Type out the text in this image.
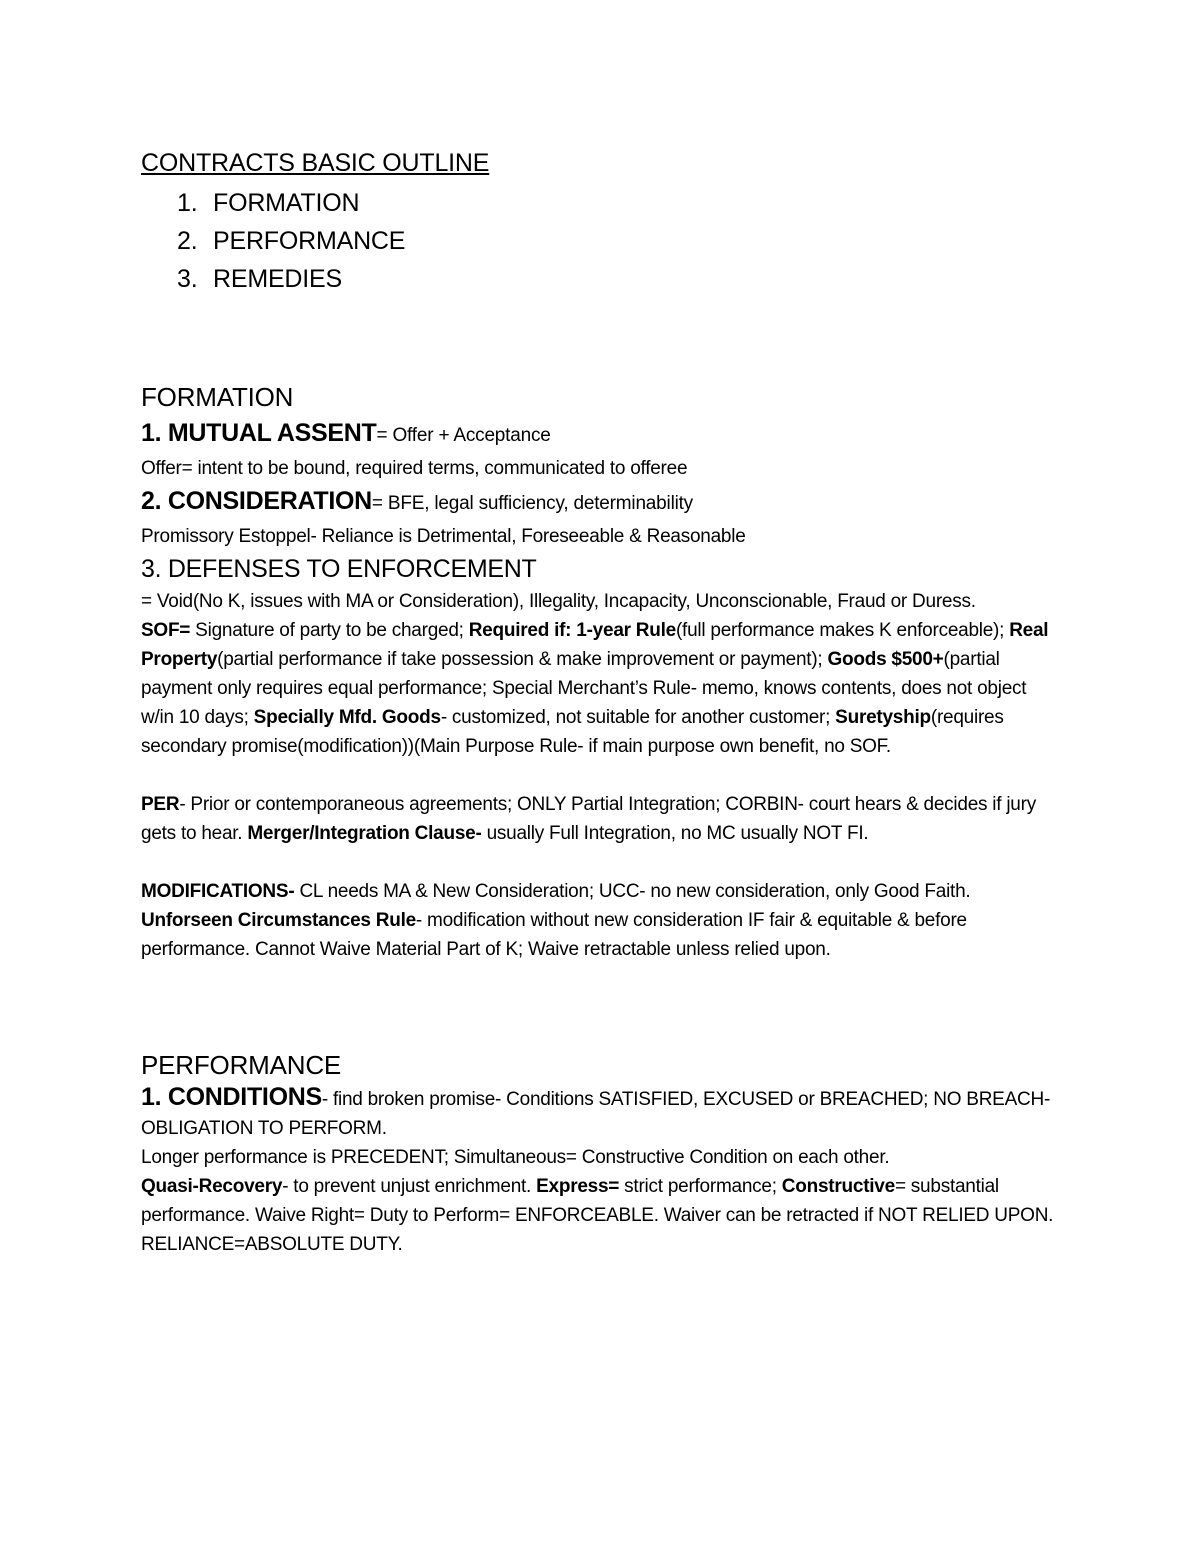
CONTRACTS BASIC OUTLINE
1. FORMATION
2. PERFORMANCE
3. REMEDIES
FORMATION
1. MUTUAL ASSENT= Offer + Acceptance
Offer= intent to be bound, required terms, communicated to offeree
2. CONSIDERATION= BFE, legal sufficiency, determinability
Promissory Estoppel- Reliance is Detrimental, Foreseeable & Reasonable
3. DEFENSES TO ENFORCEMENT
= Void(No K, issues with MA or Consideration), Illegality, Incapacity, Unconscionable, Fraud or Duress.
SOF= Signature of party to be charged; Required if: 1-year Rule(full performance makes K enforceable); Real Property(partial performance if take possession & make improvement or payment); Goods $500+(partial payment only requires equal performance; Special Merchant’s Rule- memo, knows contents, does not object w/in 10 days; Specially Mfd. Goods- customized, not suitable for another customer; Suretyship(requires secondary promise(modification))(Main Purpose Rule- if main purpose own benefit, no SOF.
PER- Prior or contemporaneous agreements; ONLY Partial Integration; CORBIN- court hears & decides if jury gets to hear. Merger/Integration Clause- usually Full Integration, no MC usually NOT FI.
MODIFICATIONS- CL needs MA & New Consideration; UCC- no new consideration, only Good Faith. Unforseen Circumstances Rule- modification without new consideration IF fair & equitable & before performance. Cannot Waive Material Part of K; Waive retractable unless relied upon.
PERFORMANCE
1. CONDITIONS- find broken promise- Conditions SATISFIED, EXCUSED or BREACHED; NO BREACH- OBLIGATION TO PERFORM.
Longer performance is PRECEDENT; Simultaneous= Constructive Condition on each other.
Quasi-Recovery- to prevent unjust enrichment. Express= strict performance; Constructive= substantial performance. Waive Right= Duty to Perform= ENFORCEABLE. Waiver can be retracted if NOT RELIED UPON. RELIANCE=ABSOLUTE DUTY.
